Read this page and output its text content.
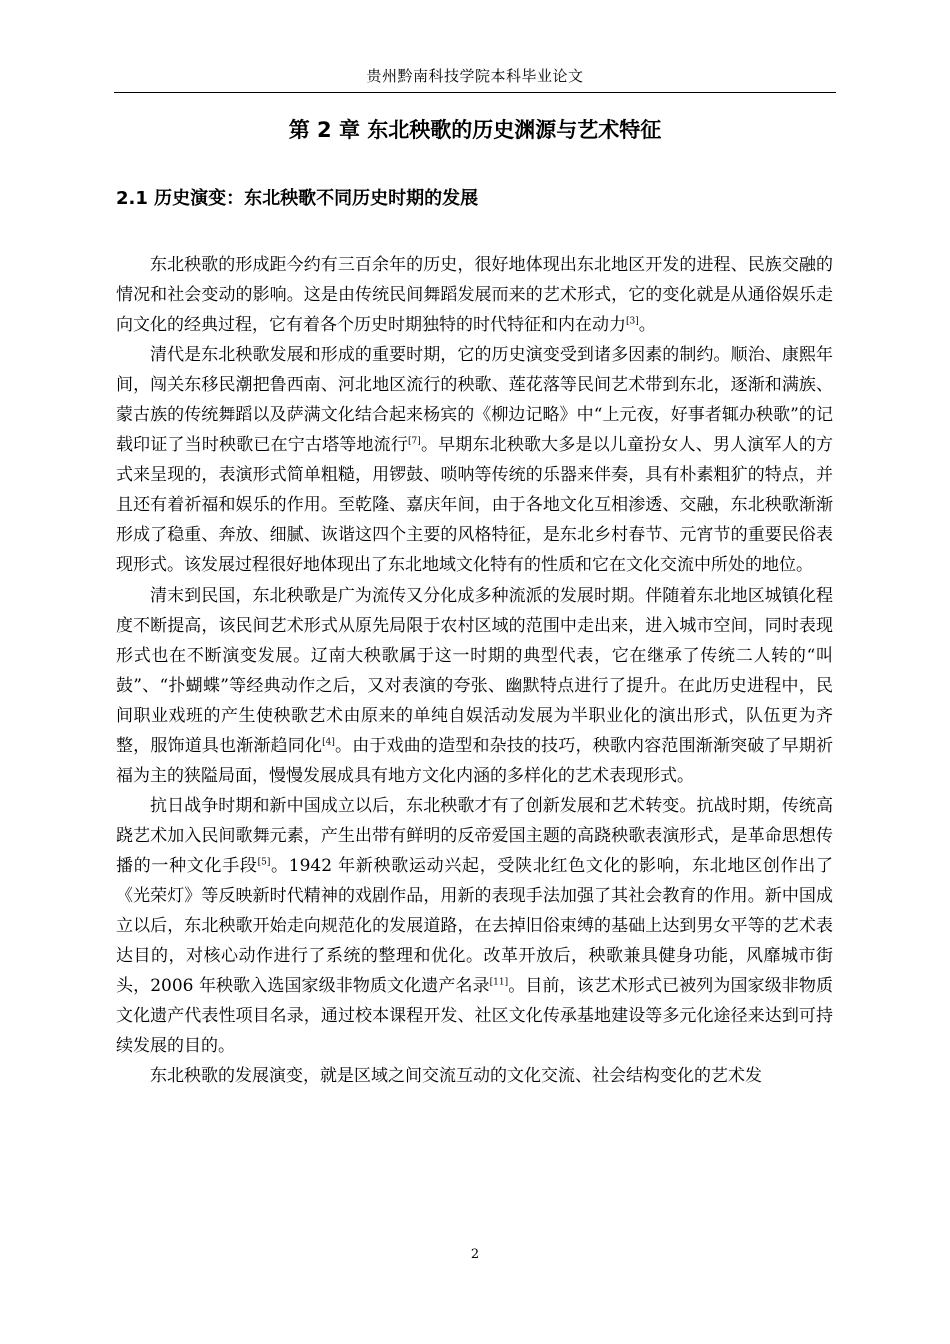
贵州黔南科技学院本科毕业论文
第 2 章 东北秧歌的历史渊源与艺术特征
2.1 历史演变：东北秧歌不同历史时期的发展

东北秧歌的形成距今约有三百余年的历史，很好地体现出东北地区开发的进程、民族交融的情况和社会变动的影响。这是由传统民间舞蹈发展而来的艺术形式，它的变化就是从通俗娱乐走向文化的经典过程，它有着各个历史时期独特的时代特征和内在动力[3]。

清代是东北秧歌发展和形成的重要时期，它的历史演变受到诸多因素的制约。顺治、康熙年间，闯关东移民潮把鲁西南、河北地区流行的秧歌、莲花落等民间艺术带到东北，逐渐和满族、蒙古族的传统舞蹈以及萨满文化结合起来杨宾的《柳边记略》中“上元夜，好事者辄办秧歌”的记载印证了当时秧歌已在宁古塔等地流行[7]。早期东北秧歌大多是以儿童扮女人、男人演军人的方式来呈现的，表演形式简单粗糙，用锣鼓、唢呐等传统的乐器来伴奏，具有朴素粗犷的特点，并且还有着祈福和娱乐的作用。至乾隆、嘉庆年间，由于各地文化互相渗透、交融，东北秧歌渐渐形成了稳重、奔放、细腻、诙谐这四个主要的风格特征，是东北乡村春节、元宵节的重要民俗表现形式。该发展过程很好地体现出了东北地域文化特有的性质和它在文化交流中所处的地位。

清末到民国，东北秧歌是广为流传又分化成多种流派的发展时期。伴随着东北地区城镇化程度不断提高，该民间艺术形式从原先局限于农村区域的范围中走出来，进入城市空间，同时表现形式也在不断演变发展。辽南大秧歌属于这一时期的典型代表，它在继承了传统二人转的“叫鼓”、“扑蝴蝶”等经典动作之后，又对表演的夸张、幽默特点进行了提升。在此历史进程中，民间职业戏班的产生使秧歌艺术由原来的单纯自娱活动发展为半职业化的演出形式，队伍更为齐整，服饰道具也渐渐趋同化[4]。由于戏曲的造型和杂技的技巧，秧歌内容范围渐渐突破了早期祈福为主的狭隘局面，慢慢发展成具有地方文化内涵的多样化的艺术表现形式。

抗日战争时期和新中国成立以后，东北秧歌才有了创新发展和艺术转变。抗战时期，传统高跷艺术加入民间歌舞元素，产生出带有鲜明的反帝爱国主题的高跷秧歌表演形式，是革命思想传播的一种文化手段[5]。1942 年新秧歌运动兴起，受陕北红色文化的影响，东北地区创作出了《光荣灯》等反映新时代精神的戏剧作品，用新的表现手法加强了其社会教育的作用。新中国成立以后，东北秧歌开始走向规范化的发展道路，在去掉旧俗束缚的基础上达到男女平等的艺术表达目的，对核心动作进行了系统的整理和优化。改革开放后，秧歌兼具健身功能，风靡城市街头，2006 年秧歌入选国家级非物质文化遗产名录[11]。目前，该艺术形式已被列为国家级非物质文化遗产代表性项目名录，通过校本课程开发、社区文化传承基地建设等多元化途径来达到可持续发展的目的。

东北秧歌的发展演变，就是区域之间交流互动的文化交流、社会结构变化的艺术发

2
